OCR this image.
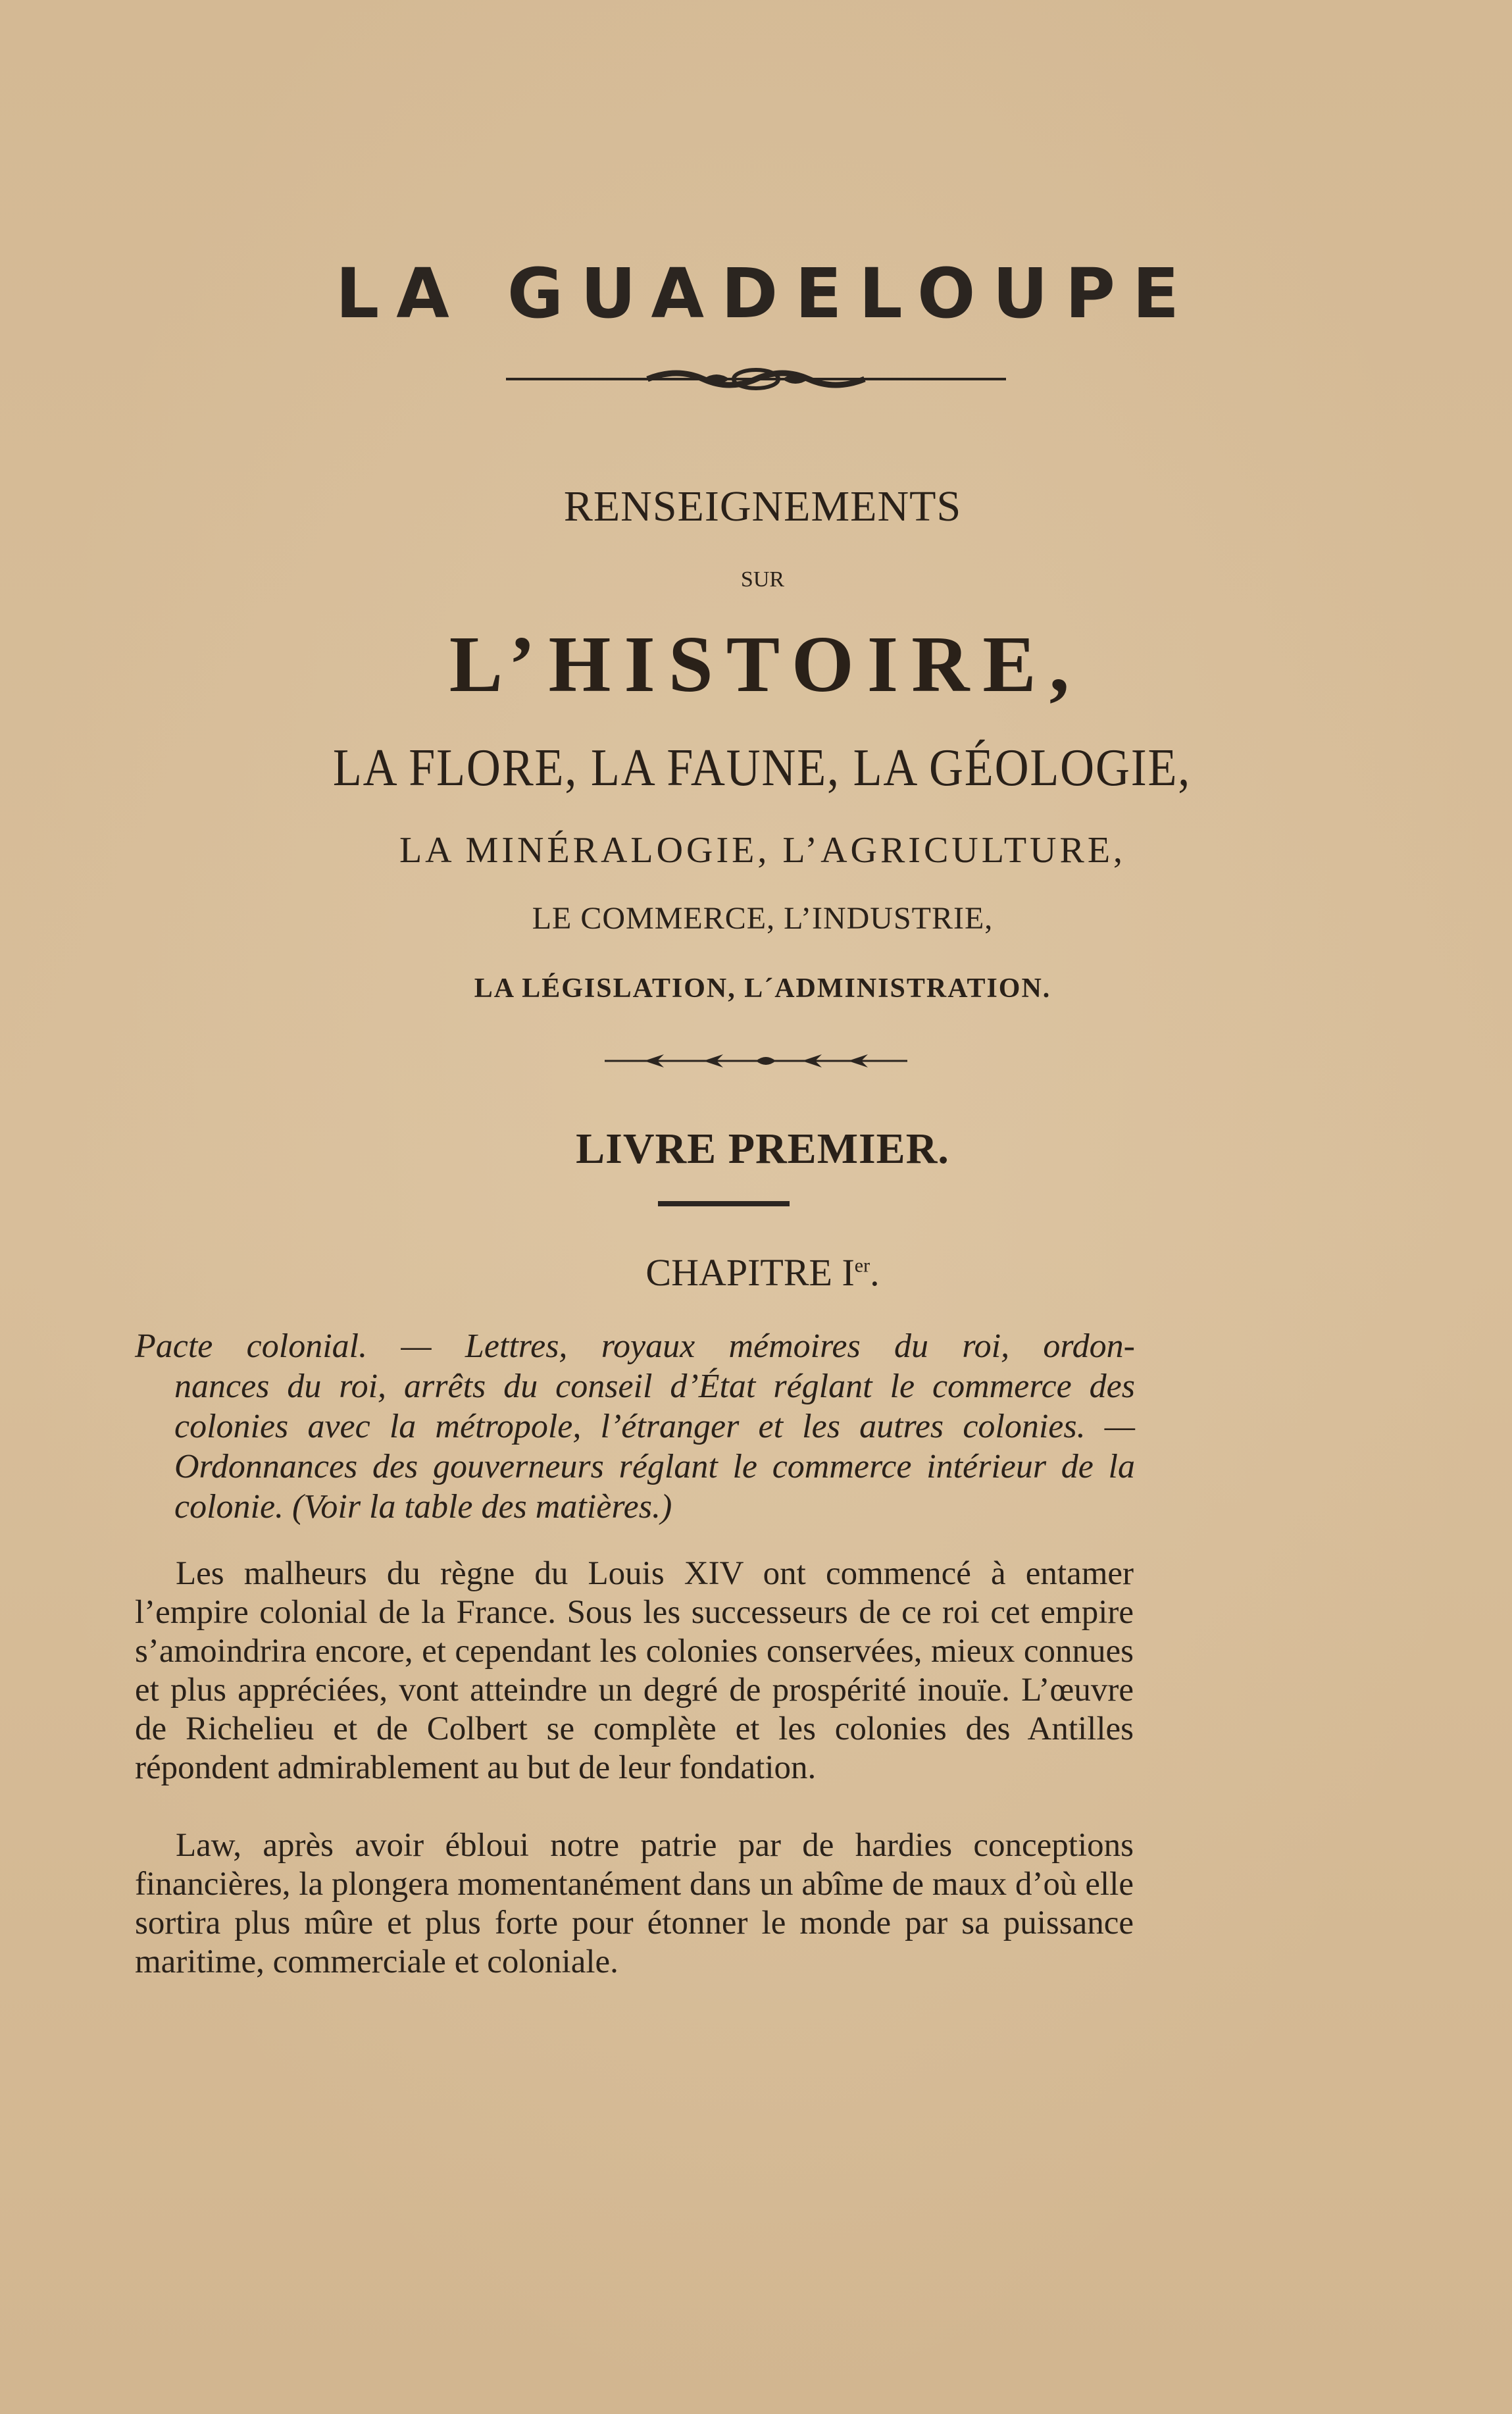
LA GUADELOUPE
RENSEIGNEMENTS
SUR
L’HISTOIRE,
LA FLORE, LA FAUNE, LA GÉOLOGIE,
LA MINÉRALOGIE, L’AGRICULTURE,
LE COMMERCE, L’INDUSTRIE,
LA LÉGISLATION, L´ADMINISTRATION.
LIVRE PREMIER.
CHAPITRE Ier.
Pacte colonial. — Lettres, royaux mémoires du roi, ordon-
nances du roi, arrêts du conseil d’État réglant le commerce des colonies avec la métropole, l’étranger et les autres colonies. — Ordonnances des gouverneurs réglant le commerce intérieur de la colonie. (Voir la table des matières.)
Les malheurs du règne du Louis XIV ont commencé à entamer l’empire colonial de la France. Sous les successeurs de ce roi cet empire s’amoindrira encore, et cependant les colonies conservées, mieux connues et plus appréciées, vont atteindre un degré de prospérité inouïe. L’œuvre de Richelieu et de Colbert se complète et les colonies des Antilles répondent admirablement au but de leur fondation.
Law, après avoir ébloui notre patrie par de hardies conceptions financières, la plongera momentanément dans un abîme de maux d’où elle sortira plus mûre et plus forte pour étonner le monde par sa puissance maritime, commerciale et coloniale.
